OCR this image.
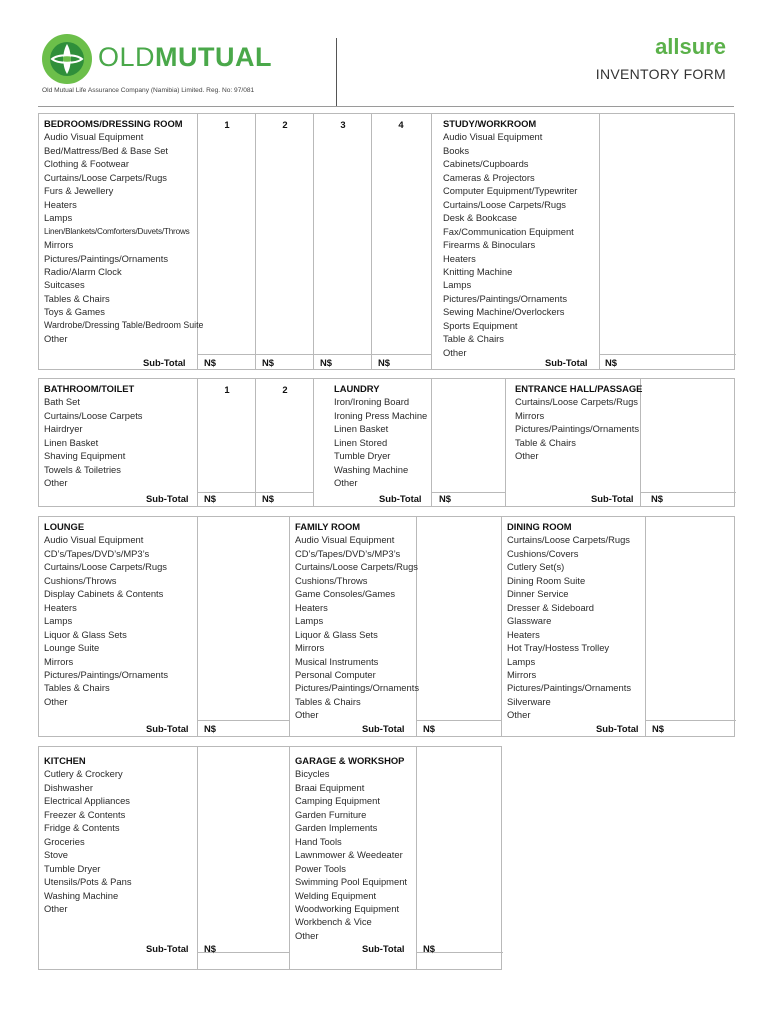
OLDMUTUAL	allsure
INVENTORY FORM
Old Mutual Life Assurance Company (Namibia) Limited. Reg. No: 97/081
BEDROOMS/DRESSING ROOM
Audio Visual Equipment
Bed/Mattress/Bed & Base Set
Clothing & Footwear
Curtains/Loose Carpets/Rugs
Furs & Jewellery
Heaters
Lamps
Linen/Blankets/Comforters/Duvets/Throws
Mirrors
Pictures/Paintings/Ornaments
Radio/Alarm Clock
Suitcases
Tables & Chairs
Toys & Games
Wardrobe/Dressing Table/Bedroom Suite
Other
1	2	3	4
Sub-Total N$	N$	N$	N$
STUDY/WORKROOM
Audio Visual Equipment
Books
Cabinets/Cupboards
Cameras & Projectors
Computer Equipment/Typewriter
Curtains/Loose Carpets/Rugs
Desk & Bookcase
Fax/Communication Equipment
Firearms & Binoculars
Heaters
Knitting Machine
Lamps
Pictures/Paintings/Ornaments
Sewing Machine/Overlockers
Sports Equipment
Table & Chairs
Other
Sub-Total N$
BATHROOM/TOILET
Bath Set
Curtains/Loose Carpets
Hairdryer
Linen Basket
Shaving Equipment
Towels & Toiletries
Other
1	2
Sub-Total N$	N$
LAUNDRY
Iron/Ironing Board
Ironing Press Machine
Linen Basket
Linen Stored
Tumble Dryer
Washing Machine
Other
Sub-Total N$
ENTRANCE HALL/PASSAGE
Curtains/Loose Carpets/Rugs
Mirrors
Pictures/Paintings/Ornaments
Table & Chairs
Other
Sub-Total N$
LOUNGE
Audio Visual Equipment
CD’s/Tapes/DVD’s/MP3’s
Curtains/Loose Carpets/Rugs
Cushions/Throws
Display Cabinets & Contents
Heaters
Lamps
Liquor & Glass Sets
Lounge Suite
Mirrors
Pictures/Paintings/Ornaments
Tables & Chairs
Other
Sub-Total N$
FAMILY ROOM
Audio Visual Equipment
CD’s/Tapes/DVD’s/MP3’s
Curtains/Loose Carpets/Rugs
Cushions/Throws
Game Consoles/Games
Heaters
Lamps
Liquor & Glass Sets
Mirrors
Musical Instruments
Personal Computer
Pictures/Paintings/Ornaments
Tables & Chairs
Other
Sub-Total N$
DINING ROOM
Curtains/Loose Carpets/Rugs
Cushions/Covers
Cutlery Set(s)
Dining Room Suite
Dinner Service
Dresser & Sideboard
Glassware
Heaters
Hot Tray/Hostess Trolley
Lamps
Mirrors
Pictures/Paintings/Ornaments
Silverware
Other
Sub-Total N$
KITCHEN
Cutlery & Crockery
Dishwasher
Electrical Appliances
Freezer & Contents
Fridge & Contents
Groceries
Stove
Tumble Dryer
Utensils/Pots & Pans
Washing Machine
Other
Sub-Total N$
GARAGE & WORKSHOP
Bicycles
Braai Equipment
Camping Equipment
Garden Furniture
Garden Implements
Hand Tools
Lawnmower & Weedeater
Power Tools
Swimming Pool Equipment
Welding Equipment
Woodworking Equipment
Workbench & Vice
Other
Sub-Total N$
